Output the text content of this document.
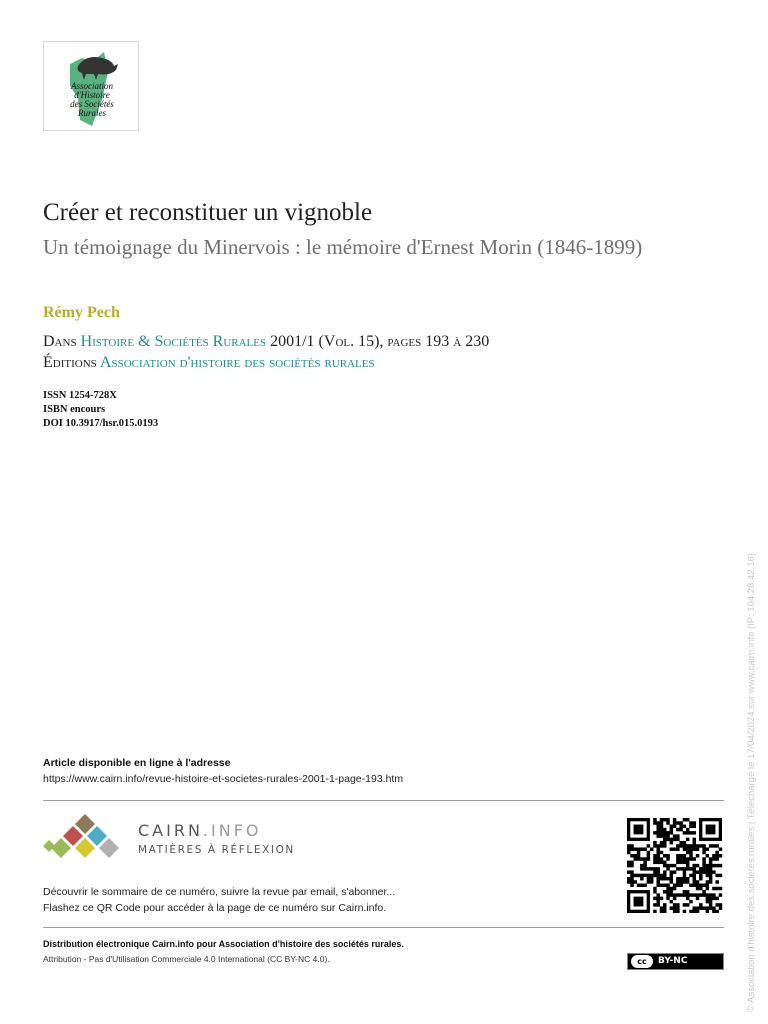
Association
d'Histoire
des Sociétés
Rurales
Créer et reconstituer un vignoble

Un témoignage du Minervois : le mémoire d'Ernest Morin (1846-1899)

Rémy Pech
Dans Histoire & Sociétés Rurales 2001/1 (Vol. 15), pages 193 à 230
Éditions Association d'histoire des sociétés rurales
ISSN 1254-728X
ISBN encours
DOI 10.3917/hsr.015.0193
© Association d'histoire des sociétés rurales | Téléchargé le 17/04/2024 sur www.cairn.info (IP: 104.28.42.16)
Article disponible en ligne à l'adresse
https://www.cairn.info/revue-histoire-et-societes-rurales-2001-1-page-193.htm
CAIRN.INFO
MATIÈRES À RÉFLEXION
Découvrir le sommaire de ce numéro, suivre la revue par email, s'abonner...
Flashez ce QR Code pour accéder à la page de ce numéro sur Cairn.info.
Distribution électronique Cairn.info pour Association d'histoire des sociétés rurales.
Attribution - Pas d'Utilisation Commerciale 4.0 International (CC BY-NC 4.0).	cc	BY-NC
